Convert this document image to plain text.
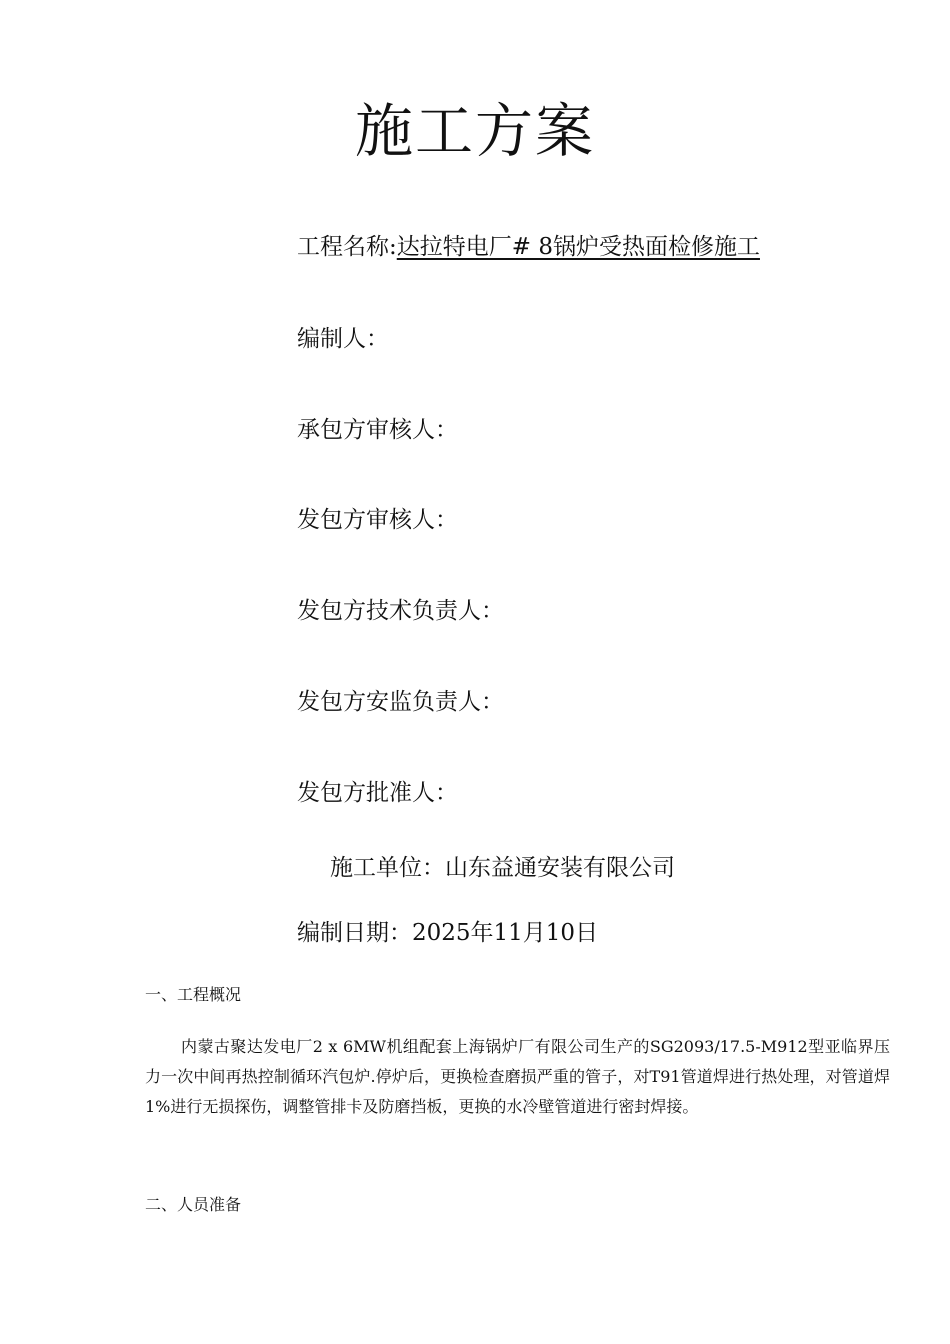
施工方案
工程名称:达拉特电厂# 8锅炉受热面检修施工
编制人：
承包方审核人：
发包方审核人：
发包方技术负责人：
发包方安监负责人：
发包方批准人：
施工单位：山东益通安装有限公司
编制日期：2025年11月10日
一、工程概况
内蒙古聚达发电厂2 x 6MW机组配套上海锅炉厂有限公司生产的SG2093/17.5-M912型亚临界压力一次中间再热控制循环汽包炉.停炉后，更换检查磨损严重的管子，对T91管道焊进行热处理，对管道焊 1%进行无损探伤，调整管排卡及防磨挡板，更换的水冷壁管道进行密封焊接。
二、人员准备
